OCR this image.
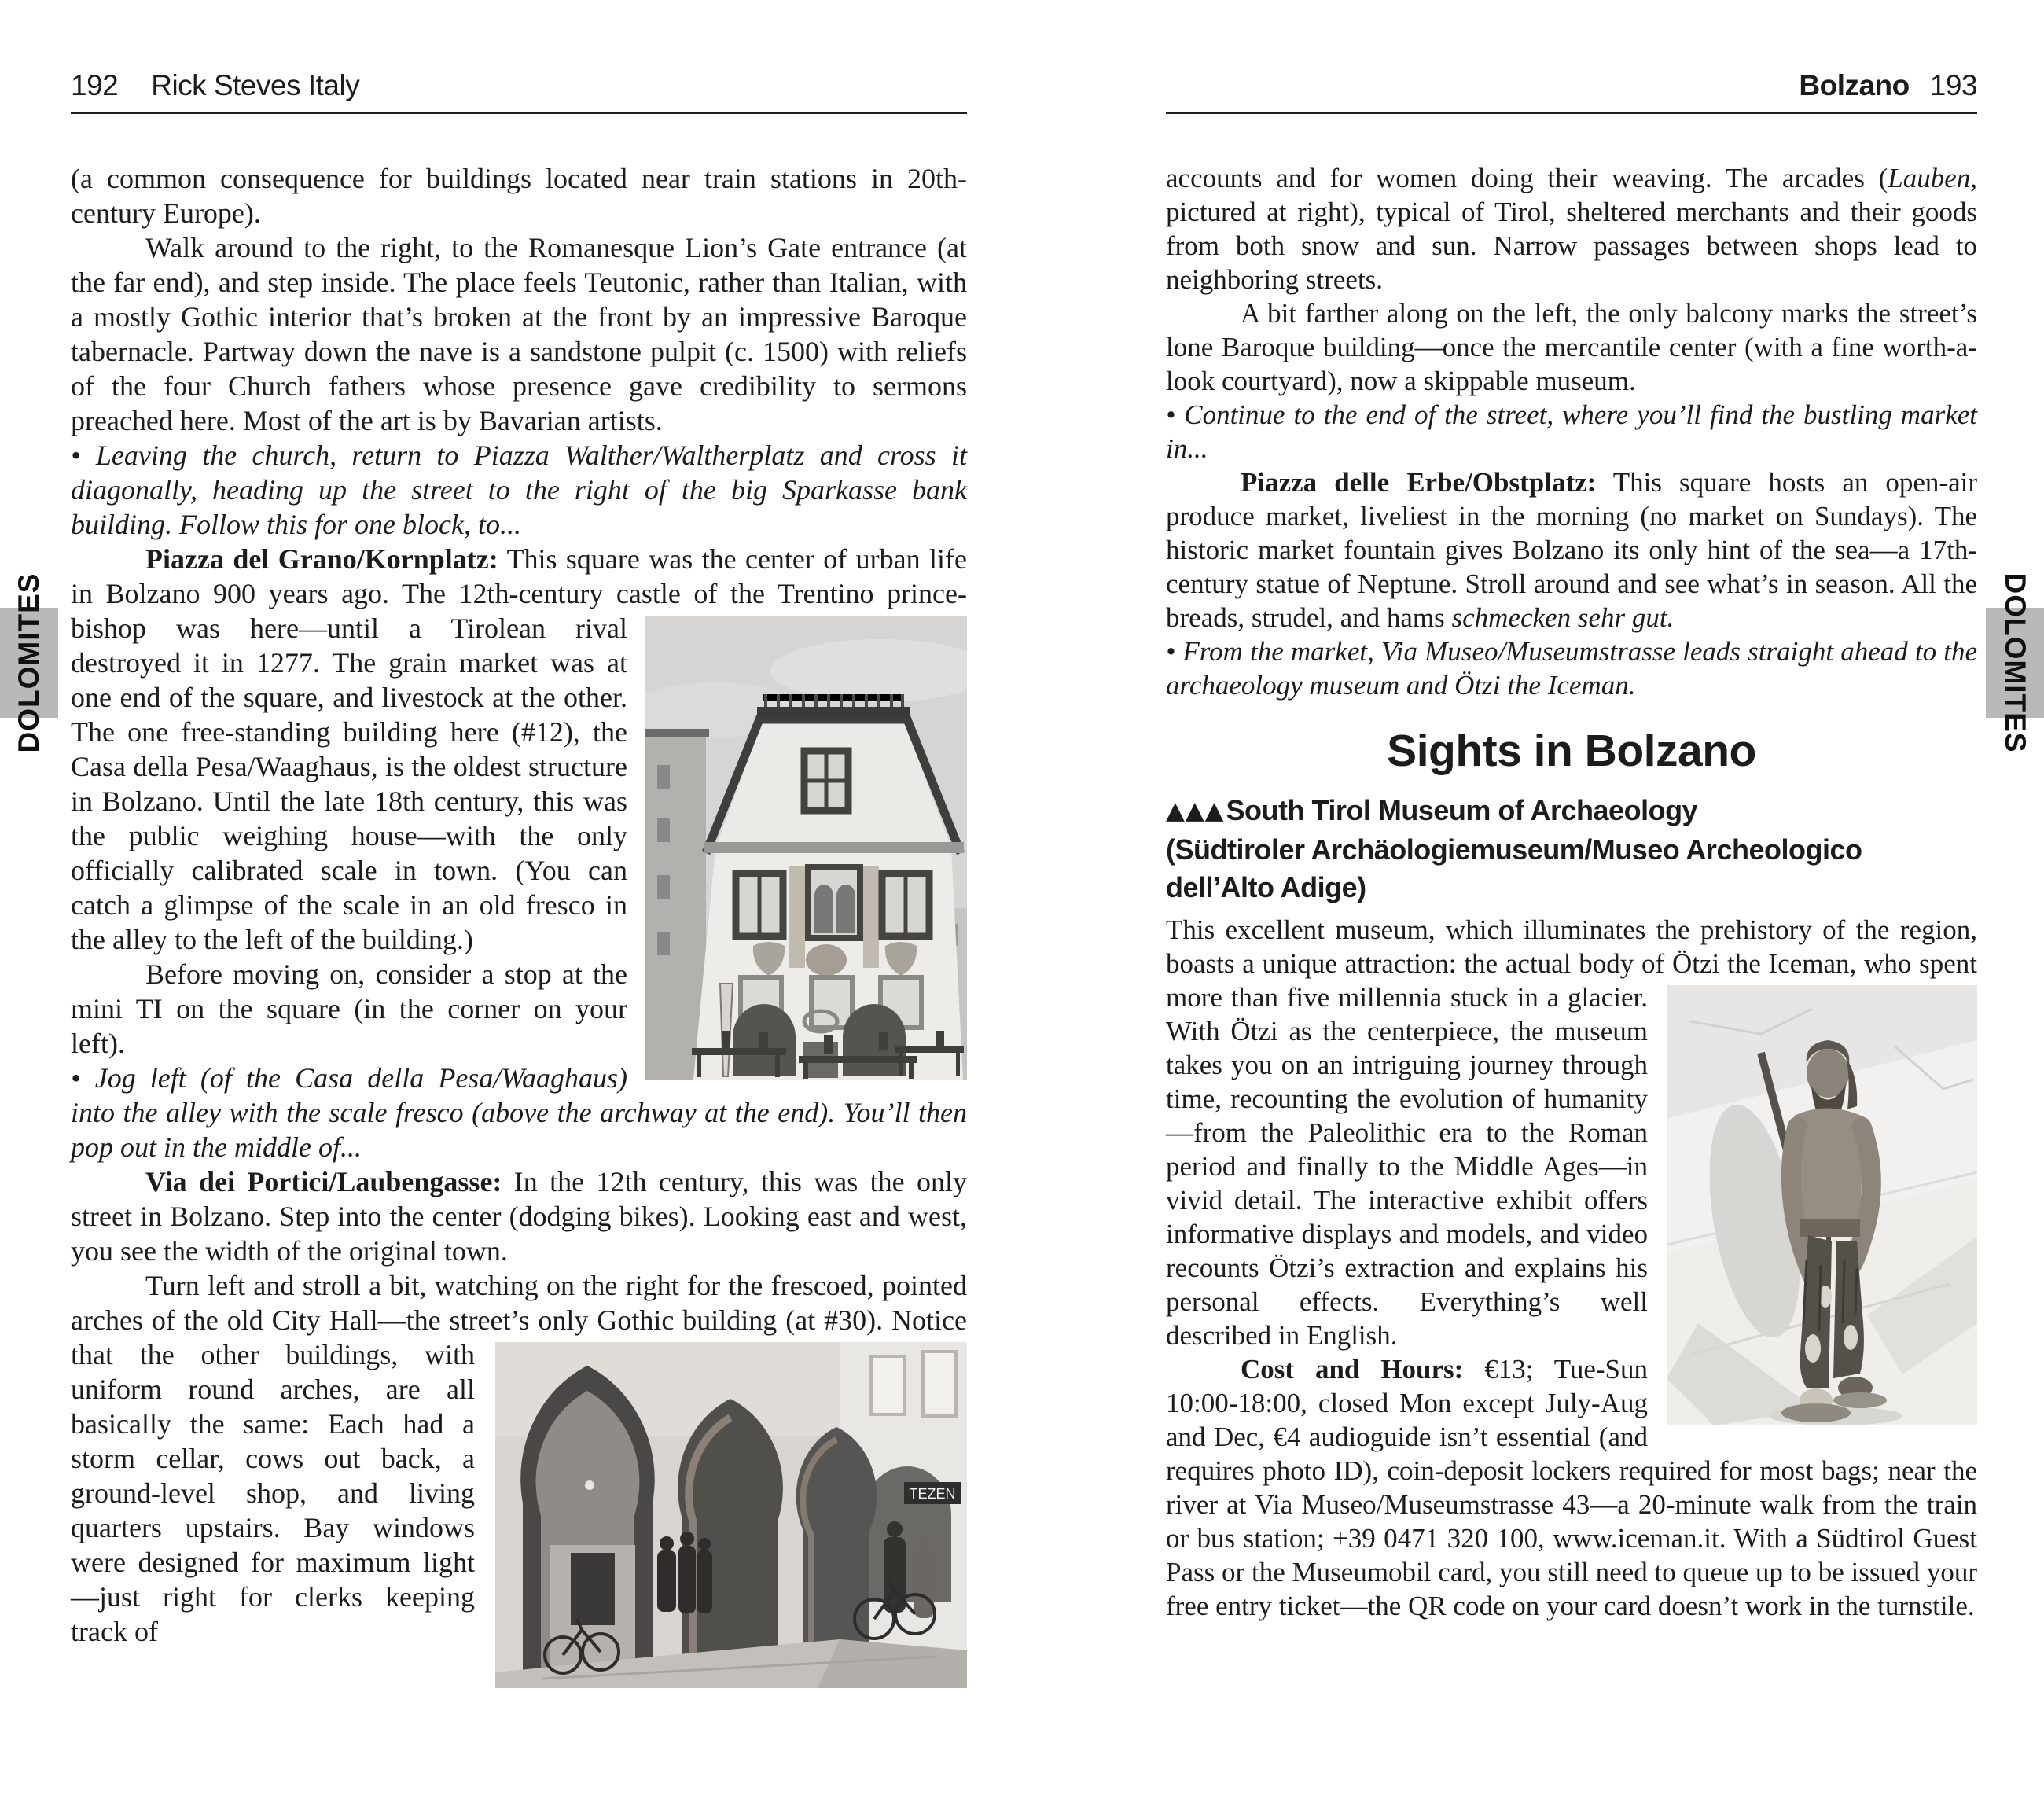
DOLOMITES	DOLOMITES
192 Rick Steves Italy

(a common consequence for buildings located near train stations in 20th-century Europe).

Walk around to the right, to the Romanesque Lion’s Gate entrance (at the far end), and step inside. The place feels Teutonic, rather than Italian, with a mostly Gothic interior that’s broken at the front by an impressive Baroque tabernacle. Partway down the nave is a sandstone pulpit (c. 1500) with reliefs of the four Church fathers whose presence gave credibility to sermons preached here. Most of the art is by Bavarian artists.

• Leaving the church, return to Piazza Walther/Waltherplatz and cross it diagonally, heading up the street to the right of the big Sparkasse bank building. Follow this for one block, to...

Piazza del Grano/Kornplatz: This square was the center of urban life in Bolzano 900 years ago. The 12th-century castle of the Trentino prince-bishop was here—until a Tirolean rival destroyed it in 1277. The grain market was at one end of the square, and livestock at the other. The one free-standing building here (#12), the Casa della Pesa/Waaghaus, is the oldest structure in Bolzano. Until the late 18th century, this was the public weighing house—with the only officially calibrated scale in town. (You can catch a glimpse of the scale in an old fresco in the alley to the left of the building.)

Before moving on, consider a stop at the mini TI on the square (in the corner on your left).

• Jog left (of the Casa della Pesa/Waaghaus) into the alley with the scale fresco (above the archway at the end). You’ll then pop out in the middle of...

Via dei Portici/Laubengasse: In the 12th century, this was the only street in Bolzano. Step into the center (dodging bikes). Looking east and west, you see the width of the original town.

Turn left and stroll a bit, watching on the right for the frescoed, pointed arches of the old City Hall—the street’s only Gothic
TEZEN
building (at #30). Notice that the other buildings, with uniform round arches, are all basically the same: Each had a storm cellar, cows out back, a ground-level shop, and living quarters upstairs. Bay windows were designed for maximum light—just right for clerks keeping track of

Bolzano 193

accounts and for women doing their weaving. The arcades (Lauben, pictured at right), typical of Tirol, sheltered merchants and their goods from both snow and sun. Narrow passages between shops lead to neighboring streets.

A bit farther along on the left, the only balcony marks the street’s lone Baroque building—once the mercantile center (with a fine worth-a-look courtyard), now a skippable museum.

• Continue to the end of the street, where you’ll find the bustling market in...

Piazza delle Erbe/Obstplatz: This square hosts an open-air produce market, liveliest in the morning (no market on Sundays). The historic market fountain gives Bolzano its only hint of the sea—a 17th-century statue of Neptune. Stroll around and see what’s in season. All the breads, strudel, and hams schmecken sehr gut.

• From the market, Via Museo/Museumstrasse leads straight ahead to the archaeology museum and Ötzi the Iceman.

Sights in Bolzano
▲▲▲South Tirol Museum of Archaeology
(Südtiroler Archäologiemuseum/Museo Archeologico
dell’Alto Adige)

This excellent museum, which illuminates the prehistory of the region, boasts a unique attraction: the actual body of Ötzi the Iceman, who spent more than five millennia stuck in a glacier. With Ötzi as the centerpiece, the museum takes you on an intriguing journey through time, recounting the evolution of humanity—from the Paleolithic era to the Roman period and finally to the Middle Ages—in vivid detail. The interactive exhibit offers informative displays and models, and video recounts Ötzi’s extraction and explains his personal effects. Everything’s well described in English.

Cost and Hours: €13; Tue-Sun 10:00-18:00, closed Mon except July-Aug and Dec, €4 audioguide isn’t essential (and requires photo ID), coin-deposit lockers required for most bags; near the river at Via Museo/Museumstrasse 43—a 20-minute walk from the train or bus station; +39 0471 320 100, www.iceman.it. With a Südtirol Guest Pass or the Museumobil card, you still need to queue up to be issued your free entry ticket—the QR code on your card doesn’t work in the turnstile.
